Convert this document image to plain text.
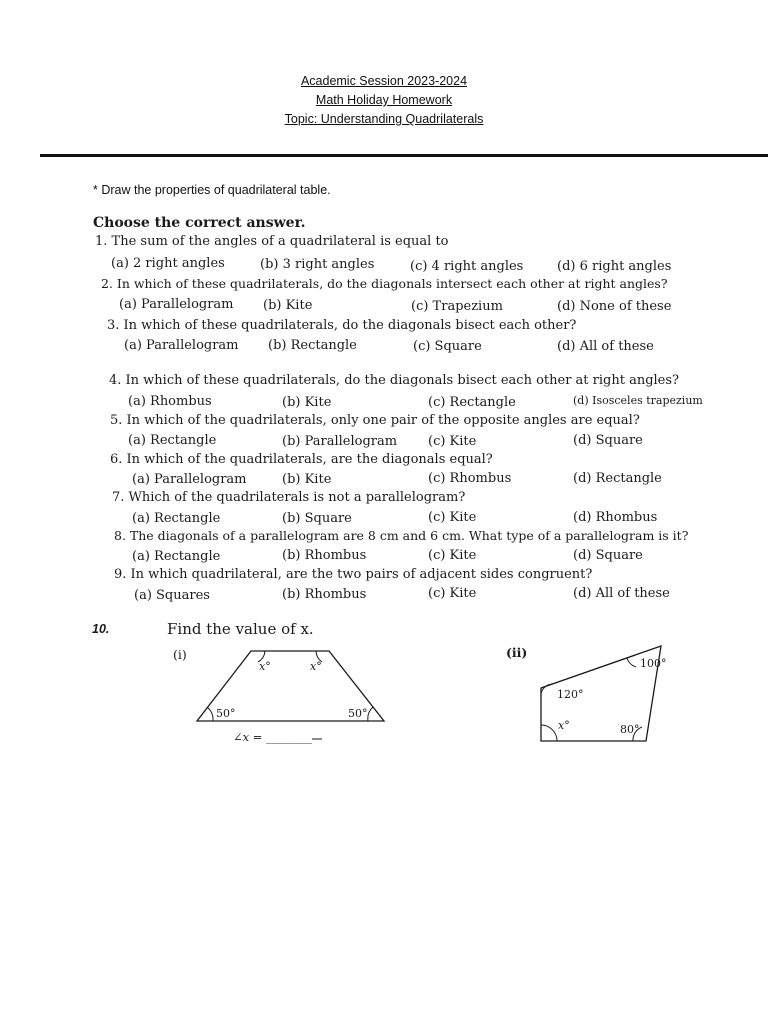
Academic Session 2023-2024
Math Holiday Homework
Topic: Understanding Quadrilaterals
* Draw the properties of quadrilateral table.
Choose the correct answer.
1. The sum of the angles of a quadrilateral is equal to
(a) 2 right angles	(b) 3 right angles	(c) 4 right angles	(d) 6 right angles
2. In which of these quadrilaterals, do the diagonals intersect each other at right angles?
(a) Parallelogram (b) Kite	(c) Trapezium	(d) None of these
3. In which of these quadrilaterals, do the diagonals bisect each other?
(a) Parallelogram (b) Rectangle	(c) Square	(d) All of these
4. In which of these quadrilaterals, do the diagonals bisect each other at right angles?
(a) Rhombus	(b) Kite	(c) Rectangle	(d) Isosceles trapezium
5. In which of the quadrilaterals, only one pair of the opposite angles are equal?
(a) Rectangle	(b) Parallelogram (c) Kite	(d) Square
6. In which of the quadrilaterals, are the diagonals equal?
(a) Parallelogram	(b) Kite	(c) Rhombus	(d) Rectangle
7. Which of the quadrilaterals is not a parallelogram?
(a) Rectangle	(b) Square	(c) Kite	(d) Rhombus
8. The diagonals of a parallelogram are 8 cm and 6 cm. What type of a parallelogram is it?
(a) Rectangle	(b) Rhombus	(c) Kite	(d) Square
9. In which quadrilateral, are the two pairs of adjacent sides congruent?
(a) Squares	(b) Rhombus	(c) Kite	(d) All of these
10.	Find the value of x.
(i)	(ii)
x°	x°
50°	50°
∠x = ________
100°
120°
x°	80°
